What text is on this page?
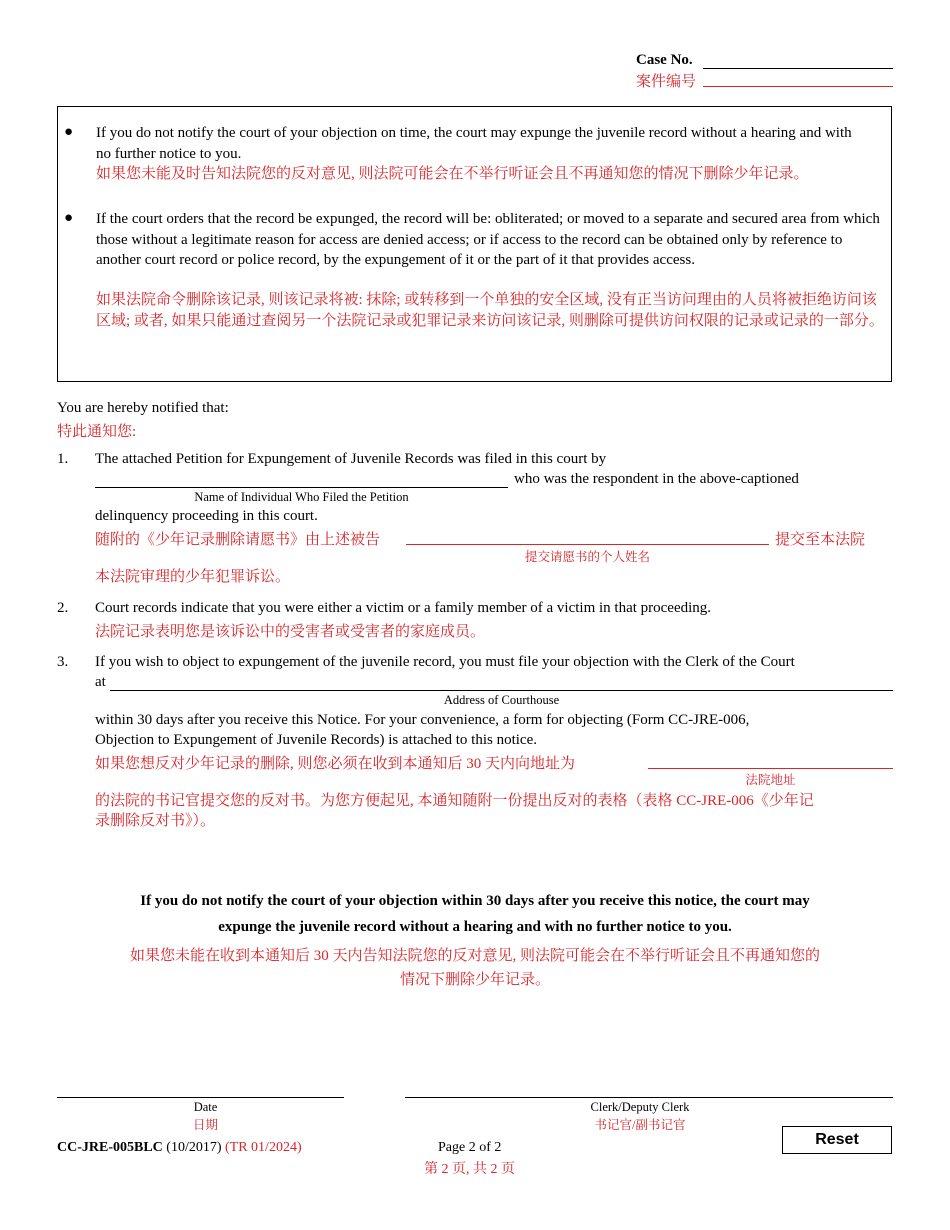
Case No.
案件编号
● If you do not notify the court of your objection on time, the court may expunge the juvenile record without a hearing and with no further notice to you.
如果您未能及时告知法院您的反对意见, 则法院可能会在不举行听证会且不再通知您的情况下删除少年记录。
● If the court orders that the record be expunged, the record will be: obliterated; or moved to a separate and secured area from which those without a legitimate reason for access are denied access; or if access to the record can be obtained only by reference to another court record or police record, by the expungement of it or the part of it that provides access.
如果法院命令删除该记录, 则该记录将被: 抹除; 或转移到一个单独的安全区域, 没有正当访问理由的人员将被拒绝访问该区域; 或者, 如果只能通过查阅另一个法院记录或犯罪记录来访问该记录, 则删除可提供访问权限的记录或记录的一部分。
You are hereby notified that:
特此通知您:
1. The attached Petition for Expungement of Juvenile Records was filed in this court by
who was the respondent in the above-captioned
Name of Individual Who Filed the Petition
delinquency proceeding in this court.
随附的《少年记录删除请愿书》由上述被告	提交至本法院
提交请愿书的个人姓名
本法院审理的少年犯罪诉讼。
2. Court records indicate that you were either a victim or a family member of a victim in that proceeding.
法院记录表明您是该诉讼中的受害者或受害者的家庭成员。
3. If you wish to object to expungement of the juvenile record, you must file your objection with the Clerk of the Court
at
Address of Courthouse
within 30 days after you receive this Notice. For your convenience, a form for objecting (Form CC-JRE-006,
Objection to Expungement of Juvenile Records) is attached to this notice.
如果您想反对少年记录的删除, 则您必须在收到本通知后 30 天内向地址为
法院地址
的法院的书记官提交您的反对书。为您方便起见, 本通知随附一份提出反对的表格（表格 CC-JRE-006《少年记
录删除反对书》）。
If you do not notify the court of your objection within 30 days after you receive this notice, the court may
expunge the juvenile record without a hearing and with no further notice to you.
如果您未能在收到本通知后 30 天内告知法院您的反对意见, 则法院可能会在不举行听证会且不再通知您的
情况下删除少年记录。
Date
日期
Clerk/Deputy Clerk
书记官/副书记官
CC-JRE-005BLC (10/2017) (TR 01/2024)	Page 2 of 2
第 2 页, 共 2 页
Reset
